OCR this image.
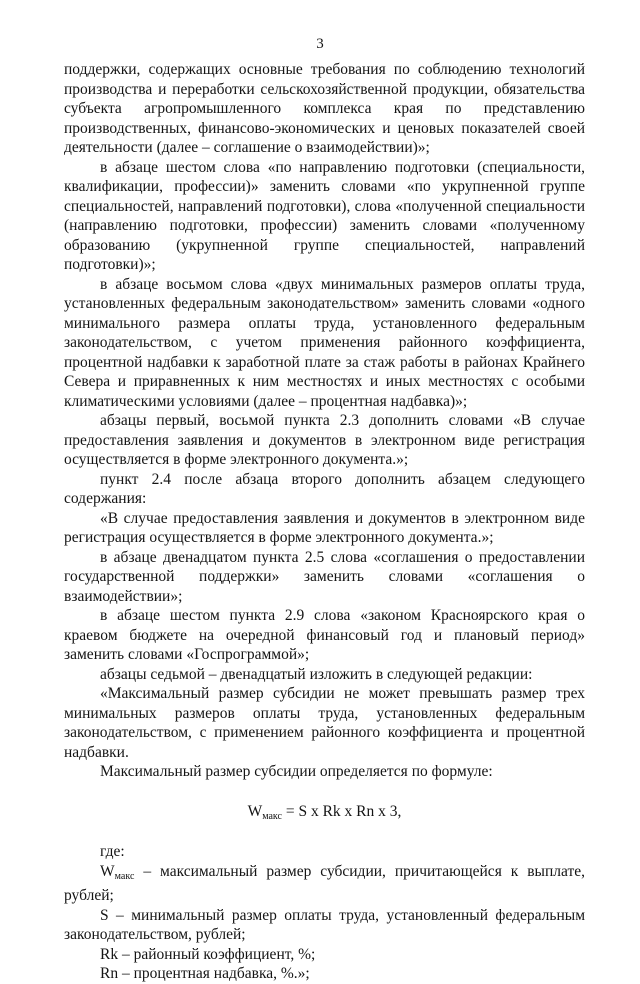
3

поддержки, содержащих основные требования по соблюдению технологий производства и переработки сельскохозяйственной продукции, обязательства субъекта агропромышленного комплекса края по представлению производственных, финансово-экономических и ценовых показателей своей деятельности (далее – соглашение о взаимодействии)»;

в абзаце шестом слова «по направлению подготовки (специальности, квалификации, профессии)» заменить словами «по укрупненной группе специальностей, направлений подготовки), слова «полученной специальности (направлению подготовки, профессии) заменить словами «полученному образованию (укрупненной группе специальностей, направлений подготовки)»;

в абзаце восьмом слова «двух минимальных размеров оплаты труда, установленных федеральным законодательством» заменить словами «одного минимального размера оплаты труда, установленного федеральным законодательством, с учетом применения районного коэффициента, процентной надбавки к заработной плате за стаж работы в районах Крайнего Севера и приравненных к ним местностях и иных местностях с особыми климатическими условиями (далее – процентная надбавка)»;

абзацы первый, восьмой пункта 2.3 дополнить словами «В случае предоставления заявления и документов в электронном виде регистрация осуществляется в форме электронного документа.»;

пункт 2.4 после абзаца второго дополнить абзацем следующего содержания:

«В случае предоставления заявления и документов в электронном виде регистрация осуществляется в форме электронного документа.»;

в абзаце двенадцатом пункта 2.5 слова «соглашения о предоставлении государственной поддержки» заменить словами «соглашения о взаимодействии»;

в абзаце шестом пункта 2.9 слова «законом Красноярского края о краевом бюджете на очередной финансовый год и плановый период» заменить словами «Госпрограммой»;

абзацы седьмой – двенадцатый изложить в следующей редакции:

«Максимальный размер субсидии не может превышать размер трех минимальных размеров оплаты труда, установленных федеральным законодательством, с применением районного коэффициента и процентной надбавки.

Максимальный размер субсидии определяется по формуле:

$W_{макс} = S$ x Rk x Rn x 3,

где:

$W_{макс}$ – максимальный размер субсидии, причитающейся к выплате, рублей;

S – минимальный размер оплаты труда, установленный федеральным законодательством, рублей;

Rk – районный коэффициент, %;

Rn – процентная надбавка, %.»;
